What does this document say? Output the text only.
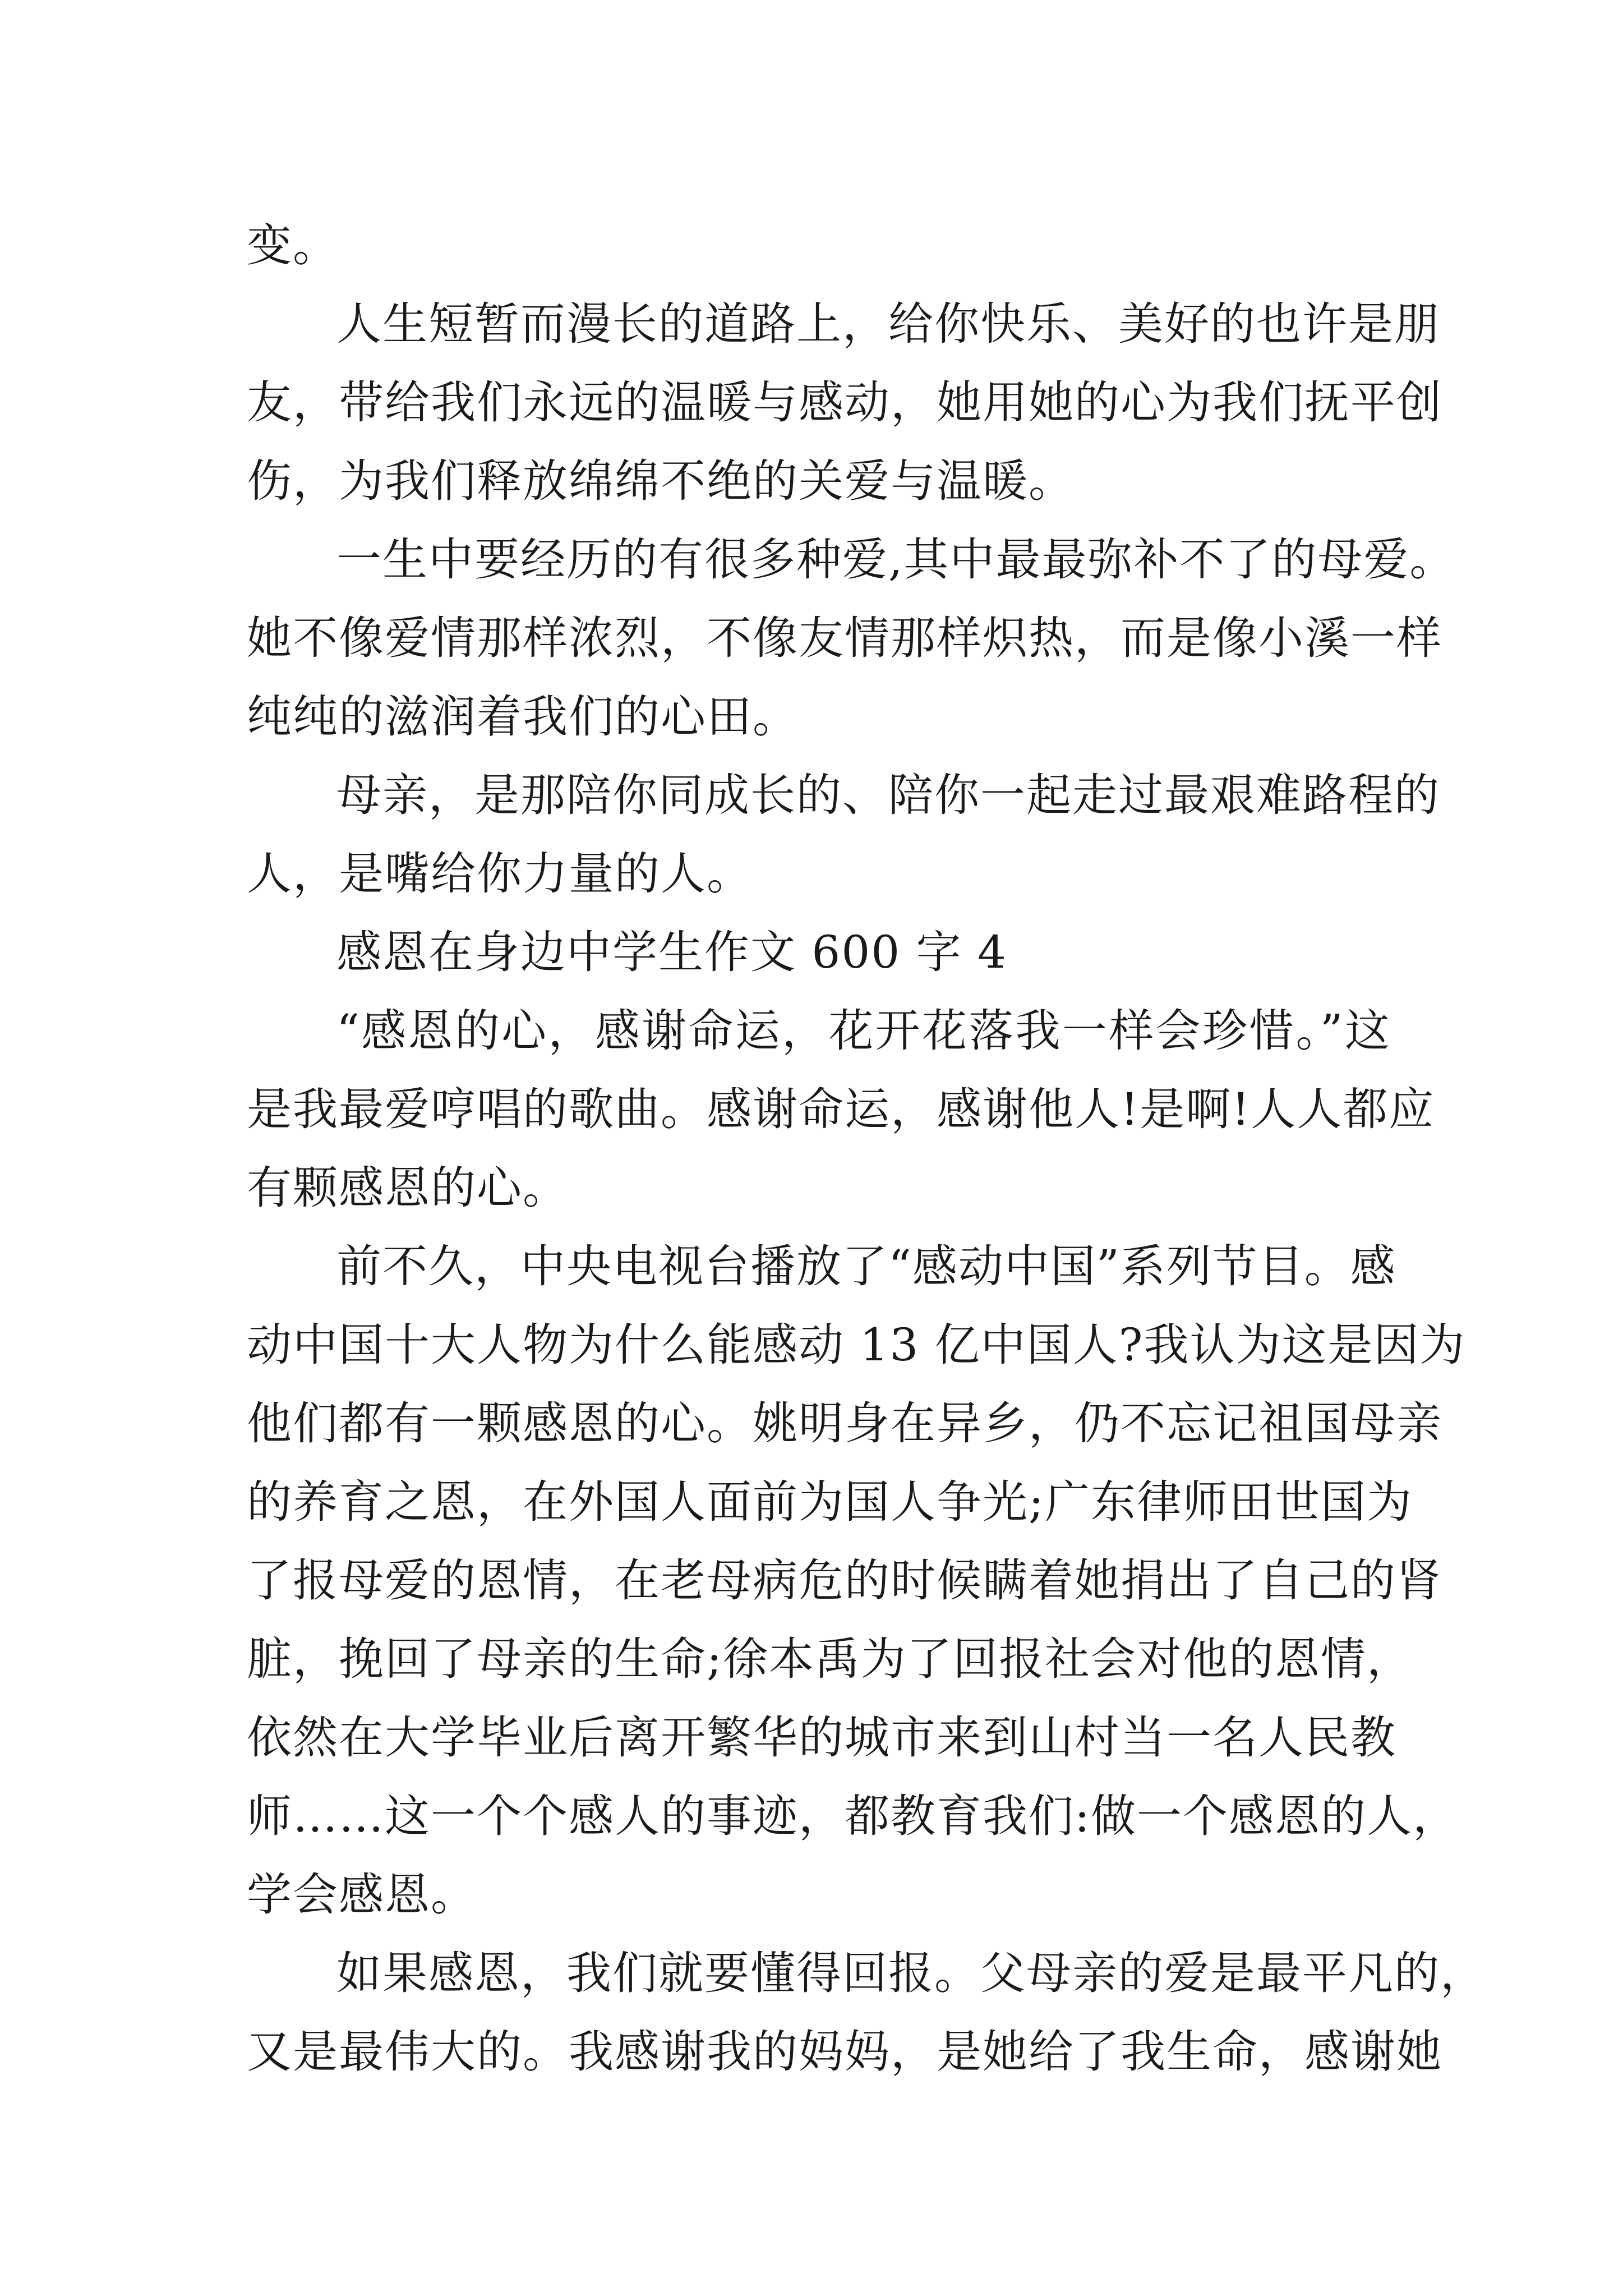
变。
人生短暂而漫长的道路上，给你快乐、美好的也许是朋
友，带给我们永远的温暖与感动，她用她的心为我们抚平创
伤，为我们释放绵绵不绝的关爱与温暖。
一生中要经历的有很多种爱,其中最最弥补不了的母爱。
她不像爱情那样浓烈，不像友情那样炽热，而是像小溪一样
纯纯的滋润着我们的心田。
母亲，是那陪你同成长的、陪你一起走过最艰难路程的
人，是嘴给你力量的人。
感恩在身边中学生作文 600 字 4
“感恩的心，感谢命运，花开花落我一样会珍惜。”这
是我最爱哼唱的歌曲。感谢命运，感谢他人!是啊!人人都应
有颗感恩的心。
前不久，中央电视台播放了“感动中国”系列节目。感
动中国十大人物为什么能感动 13 亿中国人?我认为这是因为
他们都有一颗感恩的心。姚明身在异乡，仍不忘记祖国母亲
的养育之恩，在外国人面前为国人争光;广东律师田世国为
了报母爱的恩情，在老母病危的时候瞒着她捐出了自己的肾
脏，挽回了母亲的生命;徐本禹为了回报社会对他的恩情，
依然在大学毕业后离开繁华的城市来到山村当一名人民教
师……这一个个感人的事迹，都教育我们:做一个感恩的人，
学会感恩。
如果感恩，我们就要懂得回报。父母亲的爱是最平凡的，
又是最伟大的。我感谢我的妈妈，是她给了我生命，感谢她
